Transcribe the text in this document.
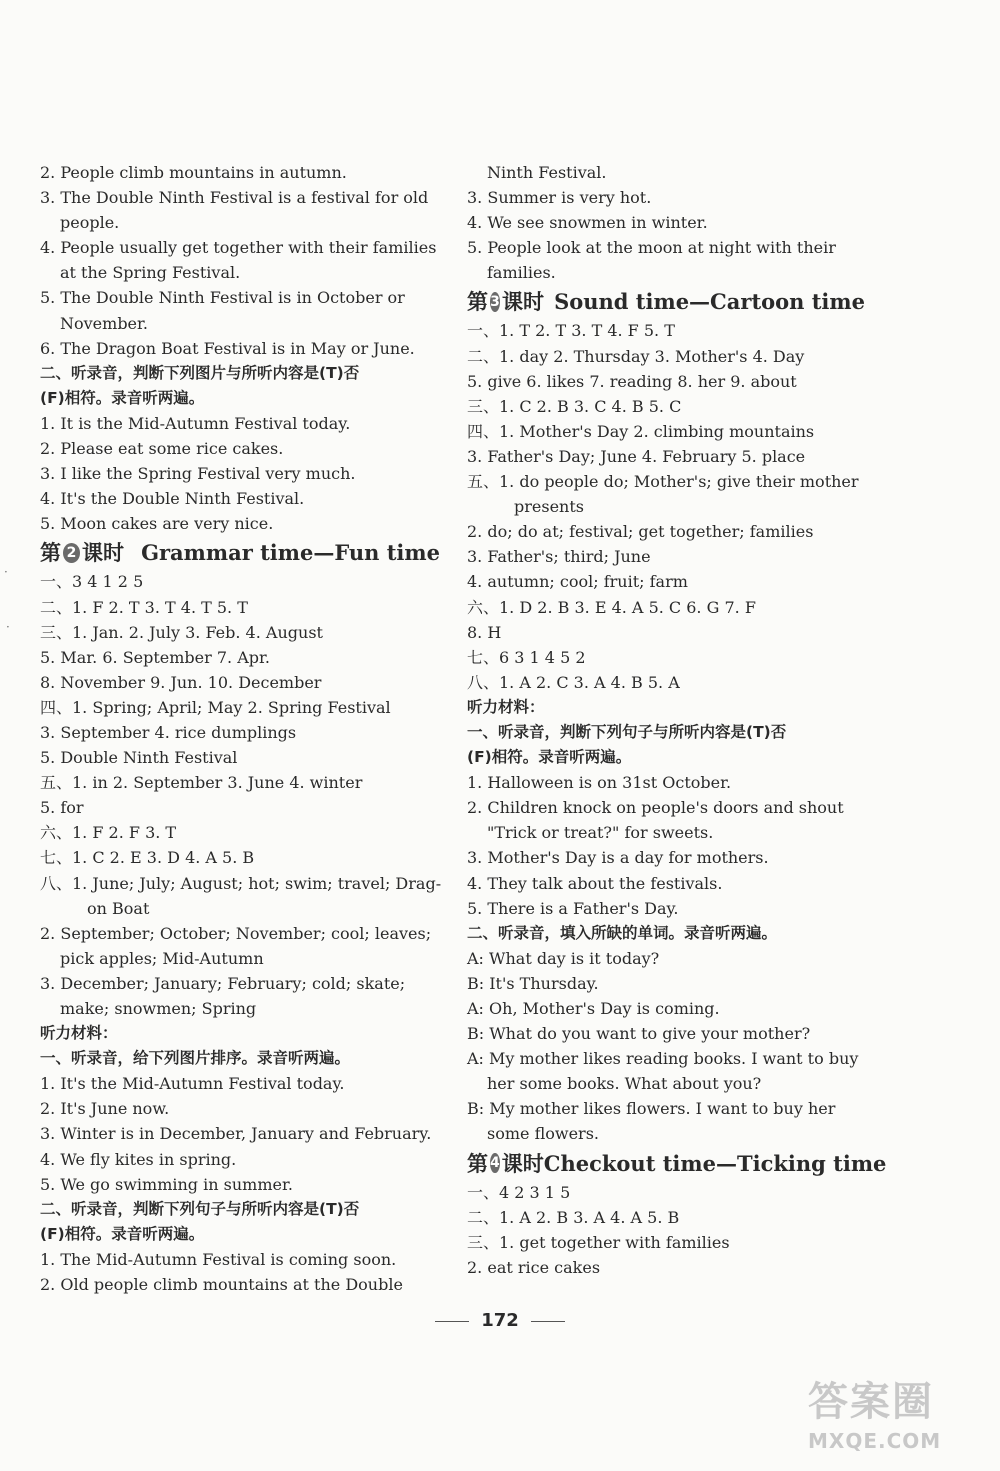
2. People climb mountains in autumn.
3. The Double Ninth Festival is a festival for old
people.
4. People usually get together with their families
at the Spring Festival.
5. The Double Ninth Festival is in October or
November.
6. The Dragon Boat Festival is in May or June.
二、听录音，判断下列图片与所听内容是(T)否
(F)相符。录音听两遍。
1. It is the Mid-Autumn Festival today.
2. Please eat some rice cakes.
3. I like the Spring Festival very much.
4. It's the Double Ninth Festival.
5. Moon cakes are very nice.
第 2 课时 Grammar time—Fun time
一、3 4 1 2 5
二、1. F 2. T 3. T 4. T 5. T
三、1. Jan. 2. July 3. Feb. 4. August
5. Mar. 6. September 7. Apr.
8. November 9. Jun. 10. December
四、1. Spring; April; May 2. Spring Festival
3. September 4. rice dumplings
5. Double Ninth Festival
五、1. in 2. September 3. June 4. winter
5. for
六、1. F 2. F 3. T
七、1. C 2. E 3. D 4. A 5. B
八、1. June; July; August; hot; swim; travel; Drag-
on Boat
2. September; October; November; cool; leaves;
pick apples; Mid-Autumn
3. December; January; February; cold; skate;
make; snowmen; Spring
听力材料：
一、听录音，给下列图片排序。录音听两遍。
1. It's the Mid-Autumn Festival today.
2. It's June now.
3. Winter is in December, January and February.
4. We fly kites in spring.
5. We go swimming in summer.
二、听录音，判断下列句子与所听内容是(T)否
(F)相符。录音听两遍。
1. The Mid-Autumn Festival is coming soon.
2. Old people climb mountains at the Double
Ninth Festival.
3. Summer is very hot.
4. We see snowmen in winter.
5. People look at the moon at night with their
families.
第 3 课时 Sound time—Cartoon time
一、1. T 2. T 3. T 4. F 5. T
二、1. day 2. Thursday 3. Mother's 4. Day
5. give 6. likes 7. reading 8. her 9. about
三、1. C 2. B 3. C 4. B 5. C
四、1. Mother's Day 2. climbing mountains
3. Father's Day; June 4. February 5. place
五、1. do people do; Mother's; give their mother
presents
2. do; do at; festival; get together; families
3. Father's; third; June
4. autumn; cool; fruit; farm
六、1. D 2. B 3. E 4. A 5. C 6. G 7. F
8. H
七、6 3 1 4 5 2
八、1. A 2. C 3. A 4. B 5. A
听力材料：
一、听录音，判断下列句子与所听内容是(T)否
(F)相符。录音听两遍。
1. Halloween is on 31st October.
2. Children knock on people's doors and shout
"Trick or treat?" for sweets.
3. Mother's Day is a day for mothers.
4. They talk about the festivals.
5. There is a Father's Day.
二、听录音，填入所缺的单词。录音听两遍。
A: What day is it today?
B: It's Thursday.
A: Oh, Mother's Day is coming.
B: What do you want to give your mother?
A: My mother likes reading books. I want to buy
her some books. What about you?
B: My mother likes flowers. I want to buy her
some flowers.
第 4 课时 Checkout time—Ticking time
一、4 2 3 1 5
二、1. A 2. B 3. A 4. A 5. B
三、1. get together with families
2. eat rice cakes
172
答案圈
MXQE.COM
·
·
